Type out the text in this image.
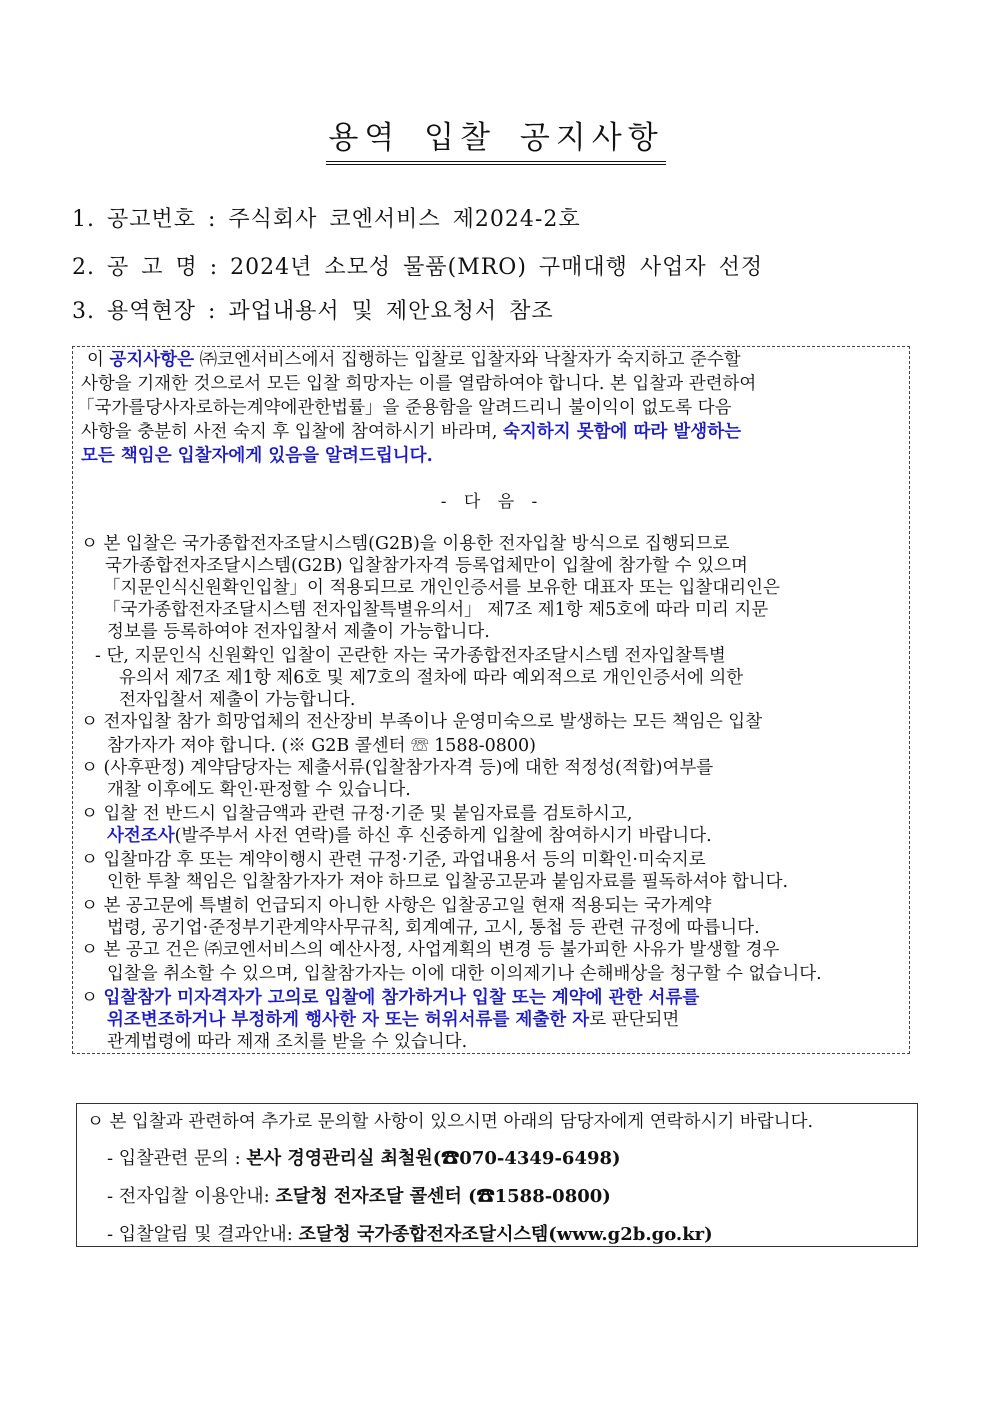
용역 입찰 공지사항
1. 공고번호 : 주식회사 코엔서비스 제2024-2호
2. 공 고 명 : 2024년 소모성 물품(MRO) 구매대행 사업자 선정
3. 용역현장 : 과업내용서 및 제안요청서 참조
이 공지사항은 ㈜코엔서비스에서 집행하는 입찰로 입찰자와 낙찰자가 숙지하고 준수할
사항을 기재한 것으로서 모든 입찰 희망자는 이를 열람하여야 합니다. 본 입찰과 관련하여
「국가를당사자로하는계약에관한법률」을 준용함을 알려드리니 불이익이 없도록 다음
사항을 충분히 사전 숙지 후 입찰에 참여하시기 바라며, 숙지하지 못함에 따라 발생하는
모든 책임은 입찰자에게 있음을 알려드립니다.
- 다 음 -
ㅇ 본 입찰은 국가종합전자조달시스템(G2B)을 이용한 전자입찰 방식으로 집행되므로
국가종합전자조달시스템(G2B) 입찰참가자격 등록업체만이 입찰에 참가할 수 있으며
「지문인식신원확인입찰」이 적용되므로 개인인증서를 보유한 대표자 또는 입찰대리인은
「국가종합전자조달시스템 전자입찰특별유의서」 제7조 제1항 제5호에 따라 미리 지문
정보를 등록하여야 전자입찰서 제출이 가능합니다.
- 단, 지문인식 신원확인 입찰이 곤란한 자는 국가종합전자조달시스템 전자입찰특별
유의서 제7조 제1항 제6호 및 제7호의 절차에 따라 예외적으로 개인인증서에 의한
전자입찰서 제출이 가능합니다.
ㅇ 전자입찰 참가 희망업체의 전산장비 부족이나 운영미숙으로 발생하는 모든 책임은 입찰
참가자가 져야 합니다. (※ G2B 콜센터 ☏ 1588-0800)
ㅇ (사후판정) 계약담당자는 제출서류(입찰참가자격 등)에 대한 적정성(적합)여부를
개찰 이후에도 확인·판정할 수 있습니다.
ㅇ 입찰 전 반드시 입찰금액과 관련 규정·기준 및 붙임자료를 검토하시고,
사전조사(발주부서 사전 연락)를 하신 후 신중하게 입찰에 참여하시기 바랍니다.
ㅇ 입찰마감 후 또는 계약이행시 관련 규정·기준, 과업내용서 등의 미확인·미숙지로
인한 투찰 책임은 입찰참가자가 져야 하므로 입찰공고문과 붙임자료를 필독하셔야 합니다.
ㅇ 본 공고문에 특별히 언급되지 아니한 사항은 입찰공고일 현재 적용되는 국가계약
법령, 공기업·준정부기관계약사무규칙, 회계예규, 고시, 통첩 등 관련 규정에 따릅니다.
ㅇ 본 공고 건은 ㈜코엔서비스의 예산사정, 사업계획의 변경 등 불가피한 사유가 발생할 경우
입찰을 취소할 수 있으며, 입찰참가자는 이에 대한 이의제기나 손해배상을 청구할 수 없습니다.
ㅇ 입찰참가 미자격자가 고의로 입찰에 참가하거나 입찰 또는 계약에 관한 서류를
위조변조하거나 부정하게 행사한 자 또는 허위서류를 제출한 자로 판단되면
관계법령에 따라 제재 조치를 받을 수 있습니다.
ㅇ 본 입찰과 관련하여 추가로 문의할 사항이 있으시면 아래의 담당자에게 연락하시기 바랍니다.
- 입찰관련 문의 : 본사 경영관리실 최철원(☎070-4349-6498)
- 전자입찰 이용안내: 조달청 전자조달 콜센터 (☎1588-0800)
- 입찰알림 및 결과안내: 조달청 국가종합전자조달시스템(www.g2b.go.kr)
